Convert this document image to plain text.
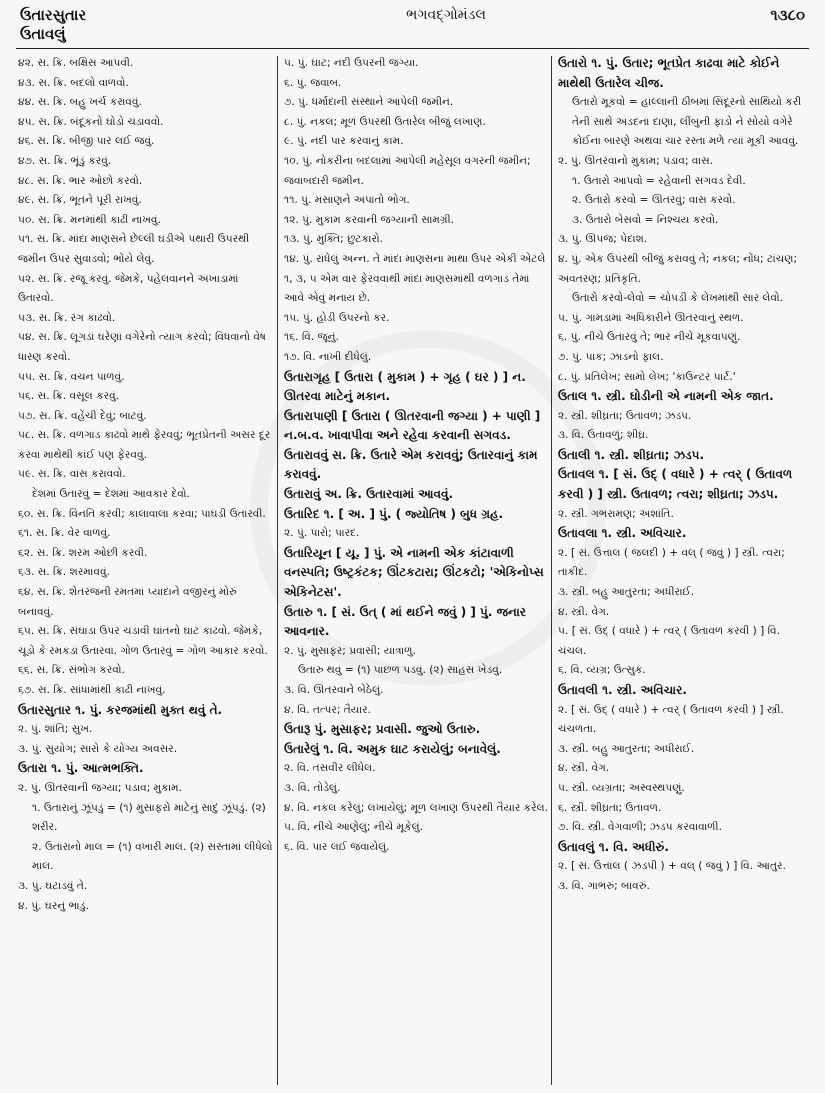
ઉતારસુતાર
ઉતાવલું
ભગવદ્ગોમંડલ	૧૩૮૦
૪૨. સ. ક્રિ. બક્ષિસ આપવી.
૪૩. સ. ક્રિ. બદલો વાળવો.
૪૪. સ. ક્રિ. બહુ ખર્ચ કરાવવું.
૪૫. સ. ક્રિ. બંદૂકનો ઘોડો ચડાવવો.
૪૬. સ. ક્રિ. બીજી પાર લઈ જવું.
૪૭. સ. ક્રિ. ભૂંડું કરવું.
૪૮. સ. ક્રિ. ભાર ઓછો કરવો.
૪૯. સ. ક્રિ. ભૂતને પૂરી રાખવું.
૫૦. સ. ક્રિ. મનમાંથી કાઢી નાખવું.
૫૧. સ. ક્રિ. માંદા માણસને છેલ્લી ઘડીએ પથારી ઉપરથી જમીન ઉપર સુવાડવો; ભોંયે લેવું.
૫૨. સ. ક્રિ. રજૂ કરવું. જેમકે, પહેલવાનને અખાડામાં ઉતારવો.
૫૩. સ. ક્રિ. રંગ કાઢવો.
૫૪. સ. ક્રિ. લૂગડાં ઘરેણાં વગેરેનો ત્યાગ કરવો; વિધવાનો વેષ ધારણ કરવો.
૫૫. સ. ક્રિ. વચન પાળવું.
૫૬. સ. ક્રિ. વસૂલ કરવું.
૫૭. સ. ક્રિ. વહેંચી દેવું; બાટવું.
૫૮. સ. ક્રિ. વળગાડ કાઢવો માથે ફેરવવું; ભૂતપ્રેતની અસર દૂર કરવા માથેથી કાંઈ પણ ફેરવવું.
૫૯. સ. ક્રિ. વાસ કરાવવો.
દેશમાં ઉતારવું = દેશમાં આવકાર દેવો.
૬૦. સ. ક્રિ. વિનતિ કરવી; કાલાવાલા કરવા; પાઘડી ઉતારવી.
૬૧. સ. ક્રિ. વેર વાળવું.
૬૨. સ. ક્રિ. શરમ ઓછી કરવી.
૬૩. સ. ક્રિ. શરમાવવું.
૬૪. સ. ક્રિ. શેતરંજની રમતમાં પ્યાદાને વજીરનું મોરું બનાવવું.
૬૫. સ. ક્રિ. સંઘાડા ઉપર ચડાવી ઘાંતનો ઘાટ કાઢવો. જેમકે, ચૂડો કે રમકડાં ઉતારવાં. ગોળ ઉતારવું = ગોળ આકાર કરવો.
૬૬. સ. ક્રિ. સંભોગ કરવો.
૬૭. સ. ક્રિ. સાંધામાંથી કાઢી નાખવું.
ઉતારસુતાર ૧. પું. કરજમાંથી મુક્ત થવું તે.
૨. પું. શાંતિ; સુખ.
૩. પું. સુયોગ; સારો કે યોગ્ય અવસર.
ઉતારા ૧. પું. આત્મભક્તિ.
૨. પું. ઊતરવાની જગ્યા; પડાવ; મુકામ.
૧. ઉતારાનું ઝૂંપડું = (૧) મુસાફરો માટેનું સાદું ઝૂંપડું. (૨) શરીર.
૨. ઉતારાનો માલ = (૧) વખારી માલ. (૨) સસ્તામાં લીધેલો માલ.
૩. પું. ઘટાડવું તે.
૪. પું. ઘરનું ભાડું.
૫. પું. ઘાટ; નદી ઉપરની જગ્યા.
૬. પું. જવાબ.
૭. પું. ધર્માદાની સંસ્થાને આપેલી જમીન.
૮. પું. નકલ; મૂળ ઉપરથી ઉતારેલ બીજું લખાણ.
૯. પું. નદી પાર કરવાનું કામ.
૧૦. પું. નોકરીના બદલામાં આપેલી મહેસૂલ વગરની જમીન; જવાબદારી જમીન.
૧૧. પું. મસાણને અપાતો ભોગ.
૧૨. પું. મુકામ કરવાની જગ્યાની સામગ્રી.
૧૩. પું. મુક્તિ; છુટકારો.
૧૪. પું. રાંધેલું અન્ન. તે માંદા માણસના માથા ઉપર એકી એટલે ૧, ૩, ૫ એમ વાર ફેરવવાથી માંદા માણસમાંથી વળગાડ તેમાં આવે એવું મનાય છે.
૧૫. પું. હોડી ઉપરનો કર.
૧૬. વિ. જૂનું.
૧૭. વિ. નાખી દીધેલું.
ઉતારાગૃહ [ ઉતારા ( મુકામ ) + ગૃહ ( ઘર ) ] ન. ઊતરવા માટેનું મકાન.
ઉતારાપાણી [ ઉતારા ( ઊતરવાની જગ્યા ) + પાણી ] ન.બ.વ. ખાવાપીવા અને રહેવા કરવાની સગવડ.
ઉતારાવવું સ. ક્રિ. ઉતારે એમ કરાવવું; ઉતારવાનું કામ કરાવવું.
ઉતારાવું અ. ક્રિ. ઉતારવામાં આવવું.
ઉતારિદ ૧. [ અ. ] પું. ( જ્યોતિષ ) બુધ ગ્રહ.
૨. પું. પારો; પારદ.
ઉતારિયૂન [ યૂ. ] પું. એ નામની એક કાંટાવાળી વનસ્પતિ; ઉષ્ટ્રકંટક; ઊંટકટારા; ઊંટકટો; 'એકિનોપ્સ એકિનેટસ'.
ઉતારુ ૧. [ સં. ઉત્ ( માં થઈને જવું ) ] પું. જનાર આવનાર.
૨. પું. મુસાફર; પ્રવાસી; યાત્રાળુ.
ઉતારુ થવું = (૧) પાછળ પડવું. (૨) સાહસ ખેડવું.
૩. વિ. ઊતરવાને બેઠેલું.
૪. વિ. તત્પર; તૈયાર.
ઉતારૂ પું. મુસાફર; પ્રવાસી. જુઓ ઉતારુ.
ઉતારેલું ૧. વિ. અમુક ઘાટ કરાયેલું; બનાવેલું.
૨. વિ. તસવીર લીધેલ.
૩. વિ. તોડેલું.
૪. વિ. નકલ કરેલું; લખાયેલું; મૂળ લખાણ ઉપરથી તૈયાર કરેલ.
૫. વિ. નીચે આણેલું; નીચે મૂકેલું.
૬. વિ. પાર લઈ જવાયેલું.
ઉતારો ૧. પું. ઉતાર; ભૂતપ્રેત કાઢવા માટે કોઈને માથેથી ઉતારેલ ચીજ.
ઉતારો મૂકવો = હાંલ્લાની ઠીબમાં સિંદૂરનો સાથિયો કરી તેની સાથે અડદના દાણા, લીંબુની ફાડો ને સોયો વગેરે કોઈના બારણે અથવા ચાર રસ્તા મળે ત્યાં મૂકી આવવું.
૨. પું. ઊતરવાનો મુકામ; પડાવ; વાસ.
૧. ઉતારો આપવો = રહેવાની સગવડ દેવી.
૨. ઉતારો કરવો = ઊતરવું; વાસ કરવો.
૩. ઉતારો બેસવો = નિશ્ચય કરવો.
૩. પું. ઊપજ; પેદાશ.
૪. પું. એક ઉપરથી બીજું કરાવવું તે; નકલ; નોંધ; ટાંચણ; અવતરણ; પ્રતિકૃતિ.
ઉતારો કરવો-લેવો = ચોપડી કે લેખમાંથી સાર લેવો.
૫. પું. ગામડામાં અધિકારીને ઊતરવાનું સ્થળ.
૬. પું. નીચે ઉતારવું તે; ભાર નીચે મૂકવાપણું.
૭. પું. પાક; ઝાડનો ફાલ.
૮. પું. પ્રતિલેખ; સામો લેખ; 'કાઉન્ટર પાર્ટ.'
ઉતાલ ૧. સ્ત્રી. ઘોડીની એ નામની એક જાત.
૨. સ્ત્રી. શીઘ્રતા; ઉતાવળ; ઝડપ.
૩. વિ. ઉતાવળું; શીઘ્ર.
ઉતાલી ૧. સ્ત્રી. શીઘ્રતા; ઝડપ.
ઉતાવલ ૧. [ સં. ઉદ્ ( વધારે ) + ત્વર્ ( ઉતાવળ કરવી ) ] સ્ત્રી. ઉતાવળ; ત્વરા; શીઘ્રતા; ઝડપ.
૨. સ્ત્રી. ગભરામણ; અશાંતિ.
ઉતાવલા ૧. સ્ત્રી. અવિચાર.
૨. [ સં. ઉત્તાલ ( જલદી ) + વલ્ ( જવું ) ] સ્ત્રી. ત્વરા; તાકીદ.
૩. સ્ત્રી. બહુ આતુરતા; અધીરાઈ.
૪. સ્ત્રી. વેગ.
૫. [ સં. ઉદ્ ( વધારે ) + ત્વર્ ( ઉતાવળ કરવી ) ] વિ. ચંચલ.
૬. વિ. વ્યગ્ર; ઉત્સુક.
ઉતાવલી ૧. સ્ત્રી. અવિચાર.
૨. [ સં. ઉદ્ ( વધારે ) + ત્વર્ ( ઉતાવળ કરવી ) ] સ્ત્રી. ચંચળતા.
૩. સ્ત્રી. બહુ આતુરતા; અધીરાઈ.
૪. સ્ત્રી. વેગ.
૫. સ્ત્રી. વ્યગ્રતા; અસ્વસ્થપણું.
૬. સ્ત્રી. શીઘ્રતા; ઉતાવળ.
૭. વિ. સ્ત્રી. વેગવાળી; ઝડપ કરવાવાળી.
ઉતાવલું ૧. વિ. અધીરું.
૨. [ સં. ઉત્તાલ ( ઝડપી ) + વલ્ ( જવું ) ] વિ. આતુર.
૩. વિ. ગાભરું; બાવરું.
